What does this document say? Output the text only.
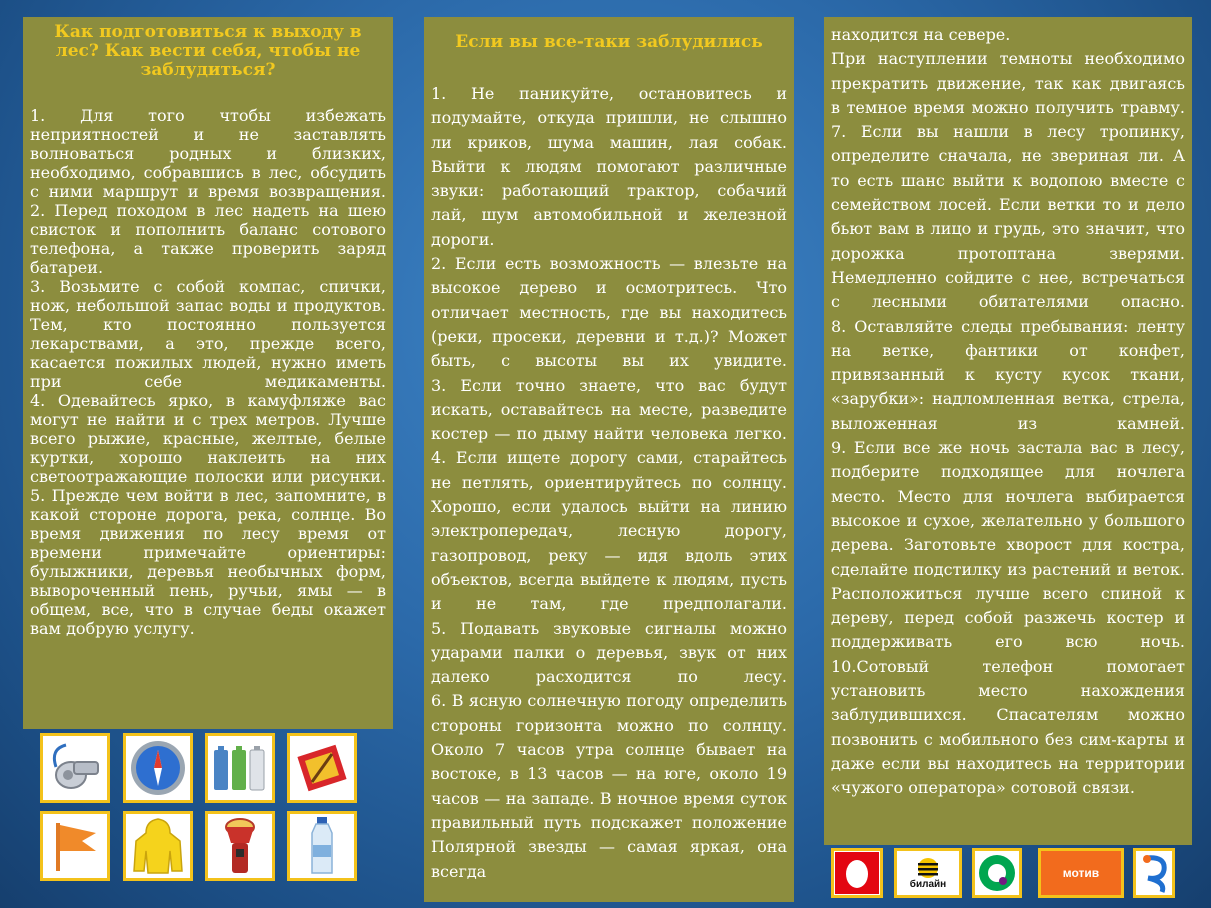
Как подготовиться к выходу в лес? Как вести себя, чтобы не заблудиться?

1. Для того чтобы избежать неприятностей и не заставлять волноваться родных и близких, необходимо, собравшись в лес, обсудить с ними маршрут и время возвращения.

2. Перед походом в лес надеть на шею свисток и пополнить баланс сотового телефона, а также проверить заряд батареи.

3. Возьмите с собой компас, спички, нож, небольшой запас воды и продуктов. Тем, кто постоянно пользуется лекарствами, а это, прежде всего, касается пожилых людей, нужно иметь при себе медикаменты.

4. Одевайтесь ярко, в камуфляже вас могут не найти и с трех метров. Лучше всего рыжие, красные, желтые, белые куртки, хорошо наклеить на них светоотражающие полоски или рисунки.

5. Прежде чем войти в лес, запомните, в какой стороне дорога, река, солнце. Во время движения по лесу время от времени примечайте ориентиры: булыжники, деревья необычных форм, вывороченный пень, ручьи, ямы — в общем, все, что в случае беды окажет вам добрую услугу.

Если вы все-таки заблудились

1. Не паникуйте, остановитесь и подумайте, откуда пришли, не слышно ли криков, шума машин, лая собак. Выйти к людям помогают различные звуки: работающий трактор, собачий лай, шум автомобильной и железной дороги.

2. Если есть возможность — влезьте на высокое дерево и осмотритесь. Что отличает местность, где вы находитесь (реки, просеки, деревни и т.д.)? Может быть, с высоты вы их увидите.

3. Если точно знаете, что вас будут искать, оставайтесь на месте, разведите костер — по дыму найти человека легко.

4. Если ищете дорогу сами, старайтесь не петлять, ориентируйтесь по солнцу. Хорошо, если удалось выйти на линию электропередач, лесную дорогу, газопровод, реку — идя вдоль этих объектов, всегда выйдете к людям, пусть и не там, где предполагали.

5. Подавать звуковые сигналы можно ударами палки о деревья, звук от них далеко расходится по лесу.

6. В ясную солнечную погоду определить стороны горизонта можно по солнцу. Около 7 часов утра солнце бывает на востоке, в 13 часов — на юге, около 19 часов — на западе. В ночное время суток правильный путь подскажет положение Полярной звезды — самая яркая, она всегда

находится на севере.

При наступлении темноты необходимо прекратить движение, так как двигаясь в темное время можно получить травму.

7. Если вы нашли в лесу тропинку, определите сначала, не звериная ли. А то есть шанс выйти к водопою вместе с семейством лосей. Если ветки то и дело бьют вам в лицо и грудь, это значит, что дорожка протоптана зверями. Немедленно сойдите с нее, встречаться с лесными обитателями опасно.

8. Оставляйте следы пребывания: ленту на ветке, фантики от конфет, привязанный к кусту кусок ткани, «зарубки»: надломленная ветка, стрела, выложенная из камней.

9. Если все же ночь застала вас в лесу, подберите подходящее для ночлега место. Место для ночлега выбирается высокое и сухое, желательно у большого дерева. Заготовьте хворост для костра, сделайте подстилку из растений и веток. Расположиться лучше всего спиной к дереву, перед собой разжечь костер и поддерживать его всю ночь.

10.Сотовый телефон помогает установить место нахождения заблудившихся. Спасателям можно позвонить с мобильного без сим-карты и даже если вы находитесь на территории «чужого оператора» сотовой связи.

билайн
мотив
